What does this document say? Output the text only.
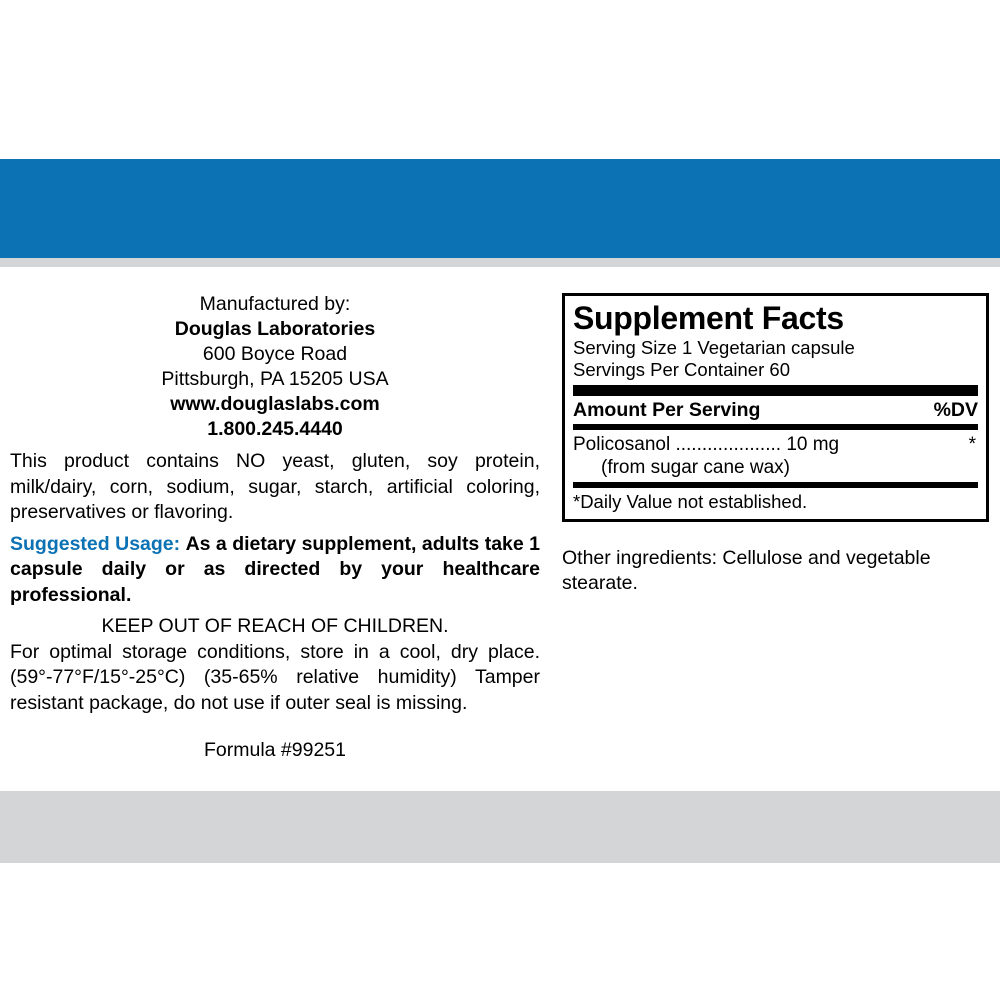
Manufactured by:
Douglas Laboratories
600 Boyce Road
Pittsburgh, PA 15205 USA
www.douglaslabs.com
1.800.245.4440
This product contains NO yeast, gluten, soy protein, milk/dairy, corn, sodium, sugar, starch, artificial coloring, preservatives or flavoring.
Suggested Usage: As a dietary supplement, adults take 1 capsule daily or as directed by your healthcare professional.
KEEP OUT OF REACH OF CHILDREN.
For optimal storage conditions, store in a cool, dry place. (59°-77°F/15°-25°C) (35-65% relative humidity) Tamper resistant package, do not use if outer seal is missing.
Formula #99251
Supplement Facts
Serving Size 1 Vegetarian capsule
Servings Per Container 60
Amount Per Serving	%DV
Policosanol .................... 10 mg	*
(from sugar cane wax)
*Daily Value not established.
Other ingredients: Cellulose and vegetable stearate.
